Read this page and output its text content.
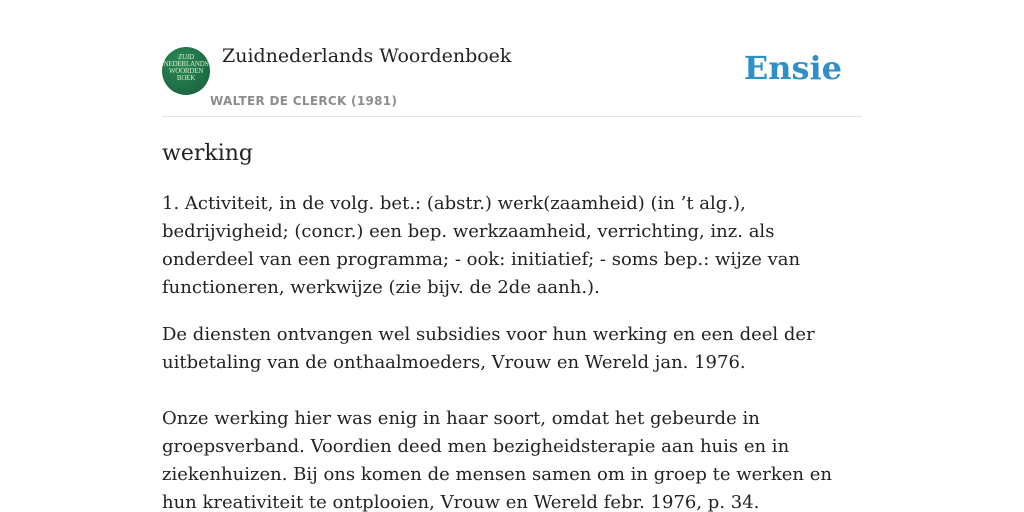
ZUID
NEDERLANDS
WOORDEN
BOEK
Zuidnederlands Woordenboek
WALTER DE CLERCK (1981)
Ensie
werking

1. Activiteit, in de volg. bet.: (abstr.) werk(zaamheid) (in ’t alg.), bedrijvigheid; (concr.) een bep. werkzaamheid, verrichting, inz. als onderdeel van een programma; - ook: initiatief; - soms bep.: wijze van functioneren, werkwijze (zie bijv. de 2de aanh.).

De diensten ontvangen wel subsidies voor hun werking en een deel der uitbetaling van de onthaalmoeders, Vrouw en Wereld jan. 1976.

Onze werking hier was enig in haar soort, omdat het gebeurde in groepsverband. Voordien deed men bezigheidsterapie aan huis en in ziekenhuizen. Bij ons komen de mensen samen om in groep te werken en hun kreativiteit te ontplooien, Vrouw en Wereld febr. 1976, p. 34.
